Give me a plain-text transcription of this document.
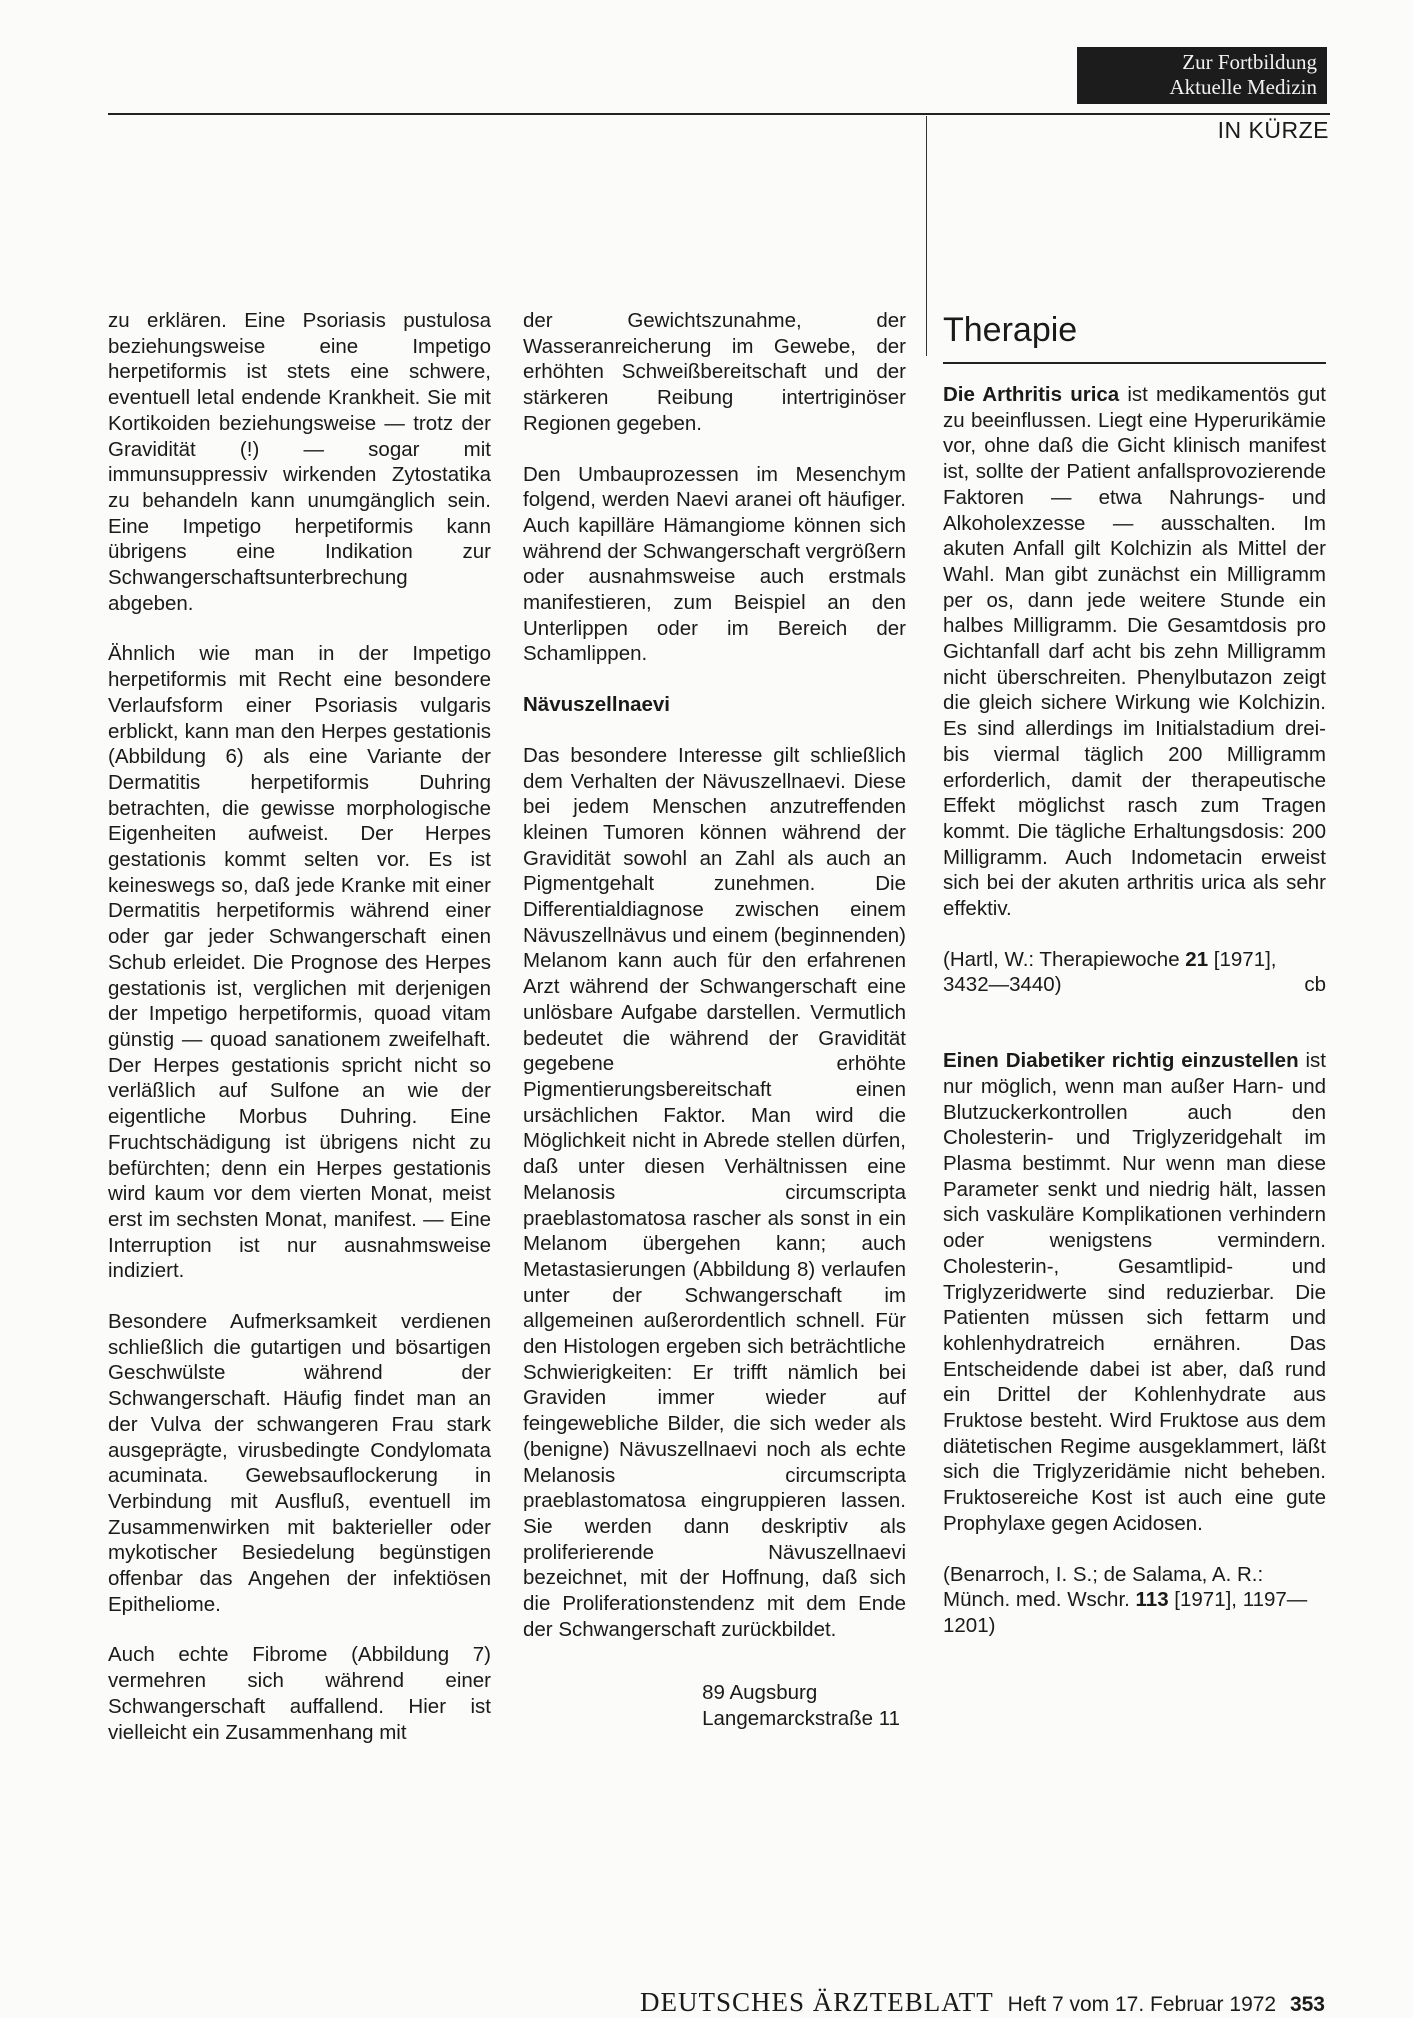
Zur Fortbildung
Aktuelle Medizin
IN KÜRZE

zu erklären. Eine Psoriasis pustulosa beziehungsweise eine Impetigo herpetiformis ist stets eine schwere, eventuell letal endende Krankheit. Sie mit Kortikoiden beziehungsweise — trotz der Gravidität (!) — sogar mit immunsuppressiv wirkenden Zytostatika zu behandeln kann unumgänglich sein. Eine Impetigo herpetiformis kann übrigens eine Indikation zur Schwangerschaftsunterbrechung abgeben.

Ähnlich wie man in der Impetigo herpetiformis mit Recht eine besondere Verlaufsform einer Psoriasis vulgaris erblickt, kann man den Herpes gestationis (Abbildung 6) als eine Variante der Dermatitis herpetiformis Duhring betrachten, die gewisse morphologische Eigenheiten aufweist. Der Herpes gestationis kommt selten vor. Es ist keineswegs so, daß jede Kranke mit einer Dermatitis herpetiformis während einer oder gar jeder Schwangerschaft einen Schub erleidet. Die Prognose des Herpes gestationis ist, verglichen mit derjenigen der Impetigo herpetiformis, quoad vitam günstig — quoad sanationem zweifelhaft. Der Herpes gestationis spricht nicht so verläßlich auf Sulfone an wie der eigentliche Morbus Duhring. Eine Fruchtschädigung ist übrigens nicht zu befürchten; denn ein Herpes gestationis wird kaum vor dem vierten Monat, meist erst im sechsten Monat, manifest. — Eine Interruption ist nur ausnahmsweise indiziert.

Besondere Aufmerksamkeit verdienen schließlich die gutartigen und bösartigen Geschwülste während der Schwangerschaft. Häufig findet man an der Vulva der schwangeren Frau stark ausgeprägte, virusbedingte Condylomata acuminata. Gewebsauflockerung in Verbindung mit Ausfluß, eventuell im Zusammenwirken mit bakterieller oder mykotischer Besiedelung begünstigen offenbar das Angehen der infektiösen Epitheliome.

Auch echte Fibrome (Abbildung 7) vermehren sich während einer Schwangerschaft auffallend. Hier ist vielleicht ein Zusammenhang mit

der Gewichtszunahme, der Wasseranreicherung im Gewebe, der erhöhten Schweißbereitschaft und der stärkeren Reibung intertriginöser Regionen gegeben.

Den Umbauprozessen im Mesenchym folgend, werden Naevi aranei oft häufiger. Auch kapilläre Hämangiome können sich während der Schwangerschaft vergrößern oder ausnahmsweise auch erstmals manifestieren, zum Beispiel an den Unterlippen oder im Bereich der Schamlippen.

Nävuszellnaevi

Das besondere Interesse gilt schließlich dem Verhalten der Nävuszellnaevi. Diese bei jedem Menschen anzutreffenden kleinen Tumoren können während der Gravidität sowohl an Zahl als auch an Pigmentgehalt zunehmen. Die Differentialdiagnose zwischen einem Nävuszellnävus und einem (beginnenden) Melanom kann auch für den erfahrenen Arzt während der Schwangerschaft eine unlösbare Aufgabe darstellen. Vermutlich bedeutet die während der Gravidität gegebene erhöhte Pigmentierungsbereitschaft einen ursächlichen Faktor. Man wird die Möglichkeit nicht in Abrede stellen dürfen, daß unter diesen Verhältnissen eine Melanosis circumscripta praeblastomatosa rascher als sonst in ein Melanom übergehen kann; auch Metastasierungen (Abbildung 8) verlaufen unter der Schwangerschaft im allgemeinen außerordentlich schnell. Für den Histologen ergeben sich beträchtliche Schwierigkeiten: Er trifft nämlich bei Graviden immer wieder auf feingewebliche Bilder, die sich weder als (benigne) Nävuszellnaevi noch als echte Melanosis circumscripta praeblastomatosa eingruppieren lassen. Sie werden dann deskriptiv als proliferierende Nävuszellnaevi bezeichnet, mit der Hoffnung, daß sich die Proliferationstendenz mit dem Ende der Schwangerschaft zurückbildet.

89 Augsburg
Langemarckstraße 11
Therapie

Die Arthritis urica ist medikamentös gut zu beeinflussen. Liegt eine Hyperurikämie vor, ohne daß die Gicht klinisch manifest ist, sollte der Patient anfallsprovozierende Faktoren — etwa Nahrungs- und Alkoholexzesse — ausschalten. Im akuten Anfall gilt Kolchizin als Mittel der Wahl. Man gibt zunächst ein Milligramm per os, dann jede weitere Stunde ein halbes Milligramm. Die Gesamtdosis pro Gichtanfall darf acht bis zehn Milligramm nicht überschreiten. Phenylbutazon zeigt die gleich sichere Wirkung wie Kolchizin. Es sind allerdings im Initialstadium drei- bis viermal täglich 200 Milligramm erforderlich, damit der therapeutische Effekt möglichst rasch zum Tragen kommt. Die tägliche Erhaltungsdosis: 200 Milligramm. Auch Indometacin erweist sich bei der akuten arthritis urica als sehr effektiv.

(Hartl, W.: Therapiewoche 21 [1971],
3432—3440)	cb

Einen Diabetiker richtig einzustellen ist nur möglich, wenn man außer Harn- und Blutzuckerkontrollen auch den Cholesterin- und Triglyzeridgehalt im Plasma bestimmt. Nur wenn man diese Parameter senkt und niedrig hält, lassen sich vaskuläre Komplikationen verhindern oder wenigstens vermindern. Cholesterin-, Gesamtlipid- und Triglyzeridwerte sind reduzierbar. Die Patienten müssen sich fettarm und kohlenhydratreich ernähren. Das Entscheidende dabei ist aber, daß rund ein Drittel der Kohlenhydrate aus Fruktose besteht. Wird Fruktose aus dem diätetischen Regime ausgeklammert, läßt sich die Triglyzeridämie nicht beheben. Fruktosereiche Kost ist auch eine gute Prophylaxe gegen Acidosen.

(Benarroch, I. S.; de Salama, A. R.: Münch. med. Wschr. 113 [1971], 1197—1201)

DEUTSCHES ÄRZTEBLATT Heft 7 vom 17. Februar 1972 353
